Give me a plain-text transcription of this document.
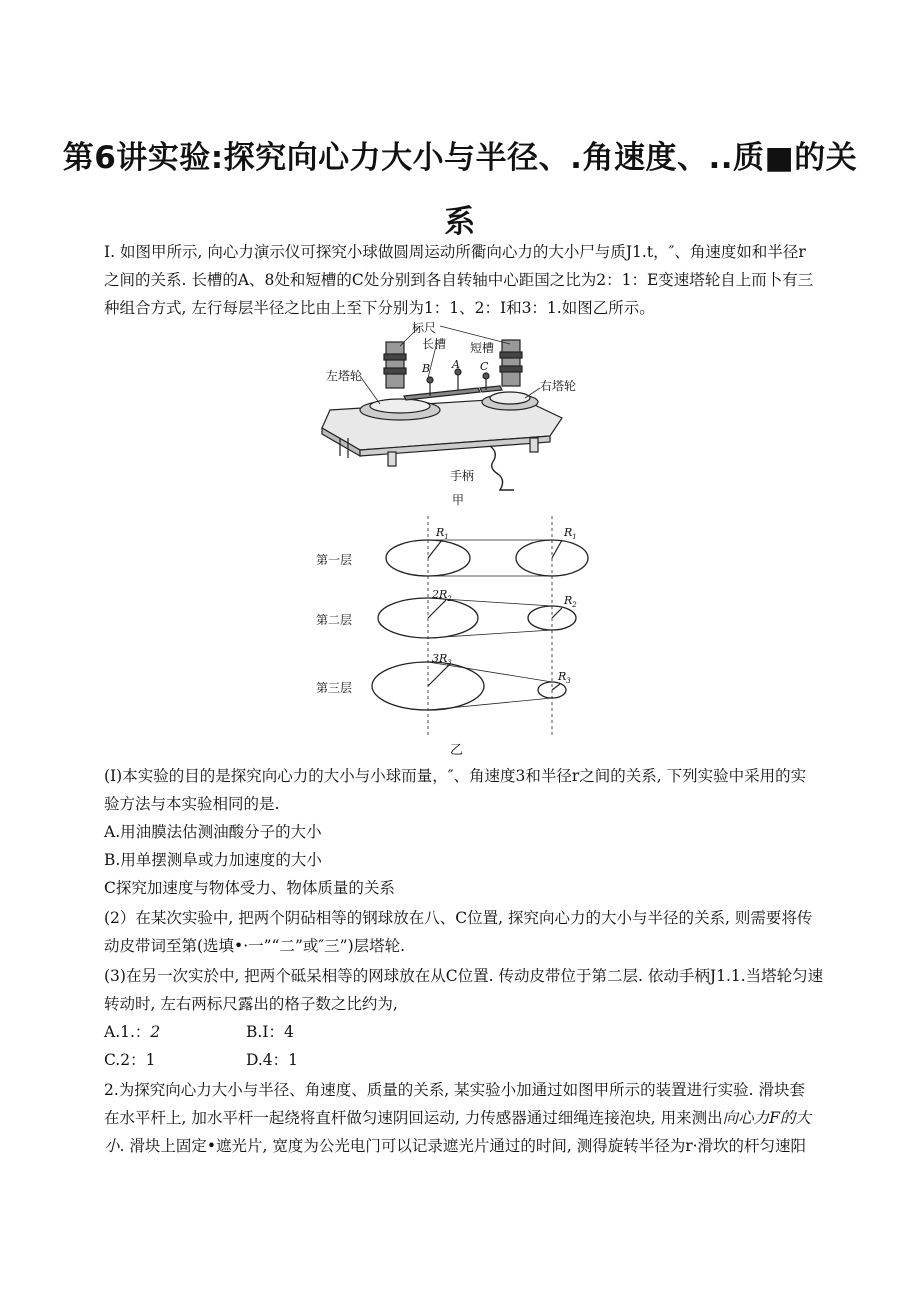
第6讲实验:探究向心力大小与半径、.角速度、..质■的关
系
I. 如图甲所示, 向心力演示仪可探究小球做圆周运动所衢向心力的大小尸与质J1.t，″、角速度如和半径r
之间的关系. 长槽的A、8处和短槽的C处分别到各自转轴中心距国之比为2：1：E变速塔轮自上而卜有三
种组合方式, 左行每层半径之比由上至下分别为1：1、2：I和3：1.如图乙所示。
标尺
长槽 短槽
左塔轮
右塔轮
B A C
手柄
甲
第一层
第二层
第三层
$R_1$	$R_1$
$2R_2$	$R_2$
$3R_3$
$R_3$
乙
(I)本实验的目的是探究向心力的大小与小球而量，″、角速度3和半径r之间的关系, 下列实验中采用的实
验方法与本实验相同的是.
A.用油膜法估测油酸分子的大小
B.用单摆测阜或力加速度的大小
C探究加速度与物体受力、物体质量的关系
(2）在某次实验中, 把两个阴砧相等的钢球放在八、C位置, 探究向心力的大小与半径的关系, 则需要将传
动皮带词至第(选填•·一”“二”或″三”)层塔轮.
(3)在另一次实於中, 把两个砥呆相等的网球放在从C位置. 传动皮带位于第二层. 依动手柄J1.1.当塔轮匀速
转动时, 左右两标尺露出的格子数之比约为,
A.1.：2	B.I：4
C.2：1	D.4：1
2.为探究向心力大小与半径、角速度、质量的关系, 某实验小加通过如图甲所示的装置进行实验. 滑块套
在水平杆上, 加水平杆一起绕将直杆做匀速阴回运动, 力传感器通过细绳连接泡块, 用来测出向心力F的大
小. 滑块上固定•遮光片, 宽度为公光电门可以记录遮光片通过的时间, 测得旋转半径为r·滑坎的杆匀速阳
